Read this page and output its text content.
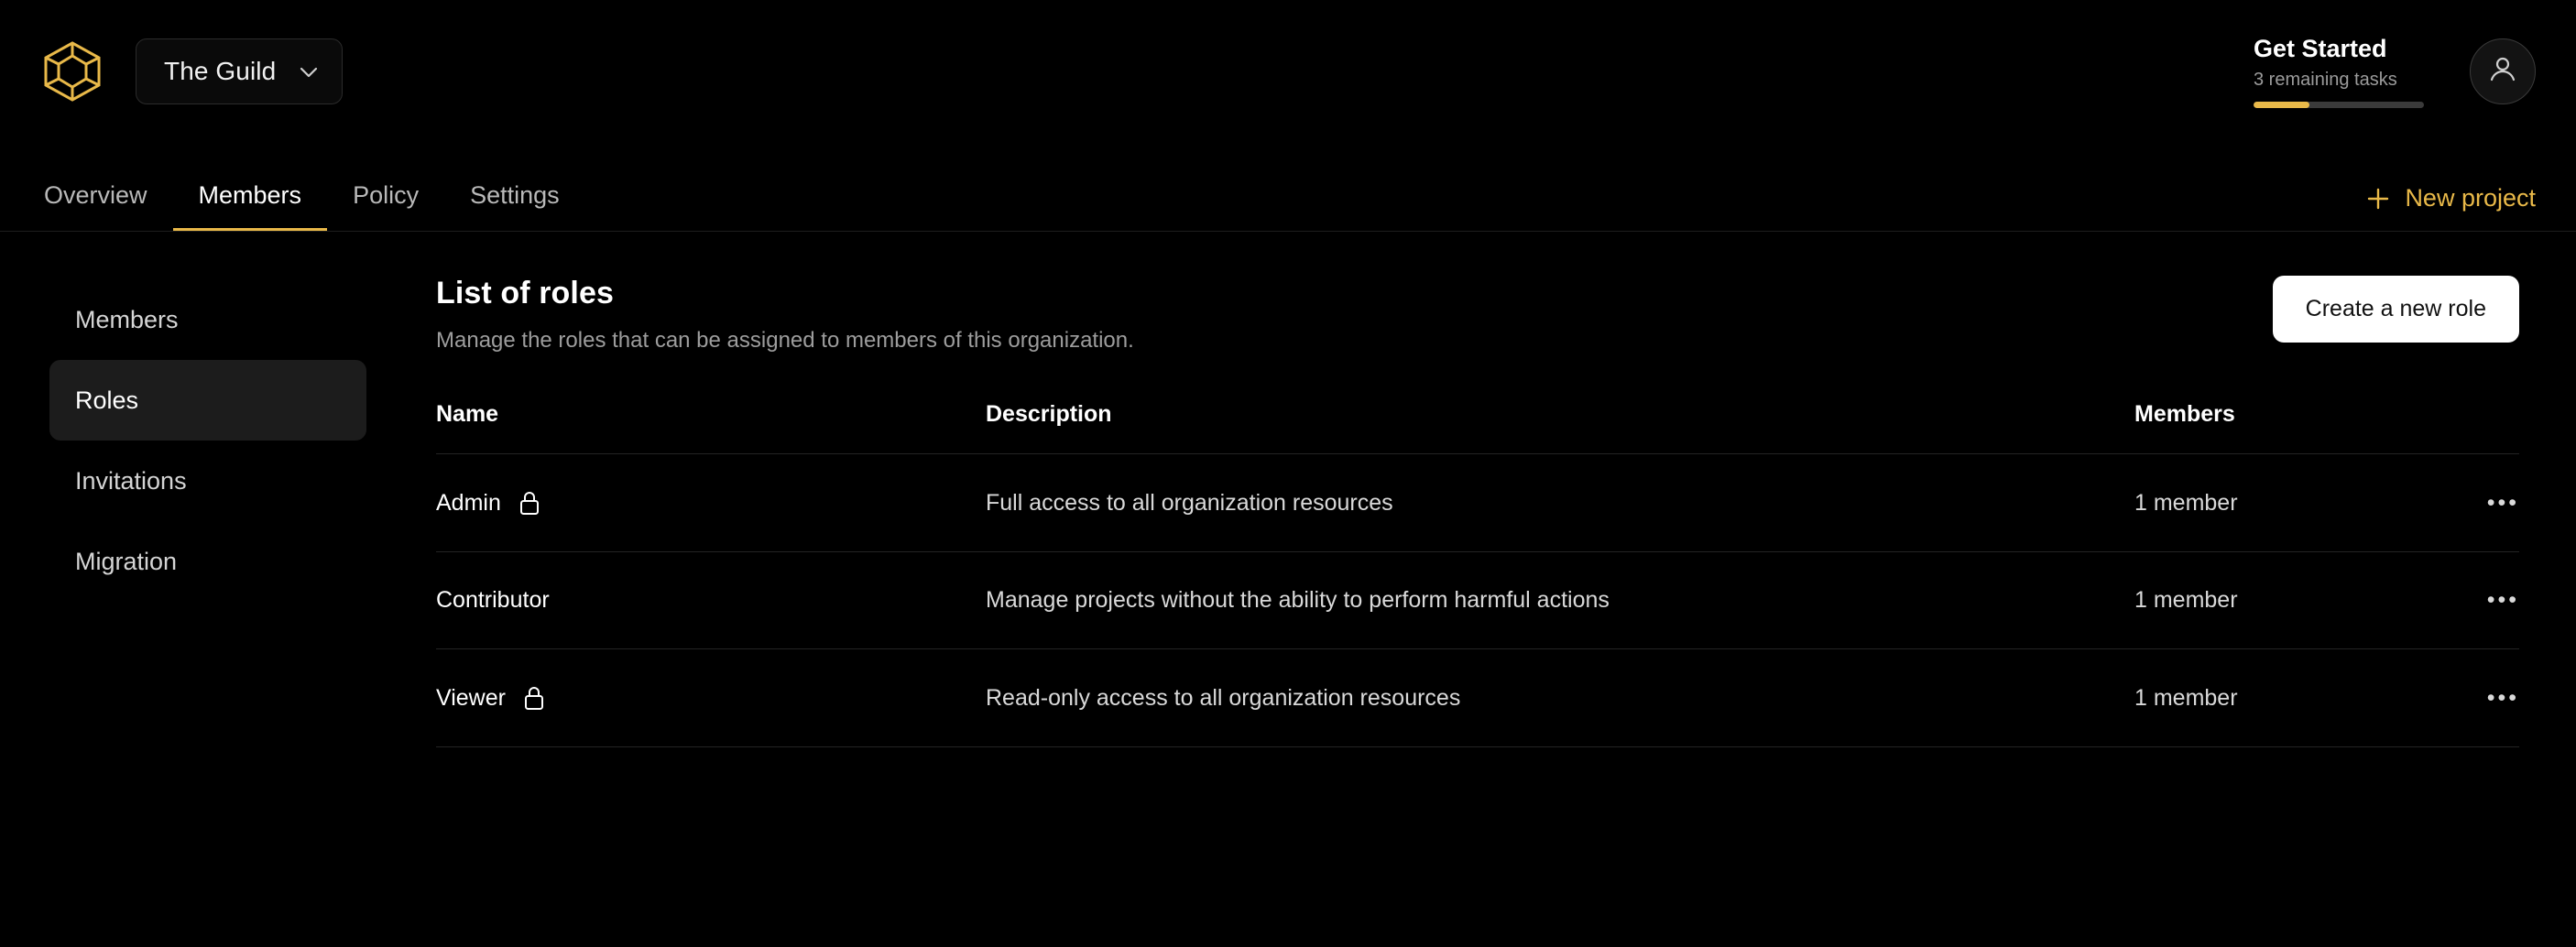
The Guild
Get Started
3 remaining tasks
Overview	Members	Policy	Settings	New project
Members
Roles
Invitations
Migration
List of roles
Manage the roles that can be assigned to members of this organization.
Create a new role
Name	Description	Members	

Admin	Full access to all organization resources	1 member	•••

Contributor	Manage projects without the ability to perform harmful actions	1 member	•••

Viewer	Read-only access to all organization resources	1 member	•••
